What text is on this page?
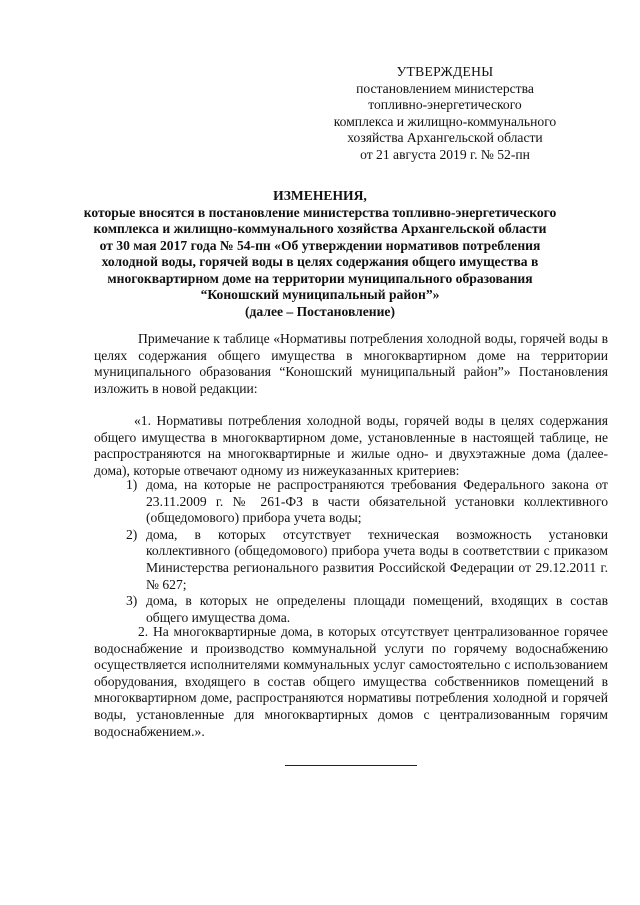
УТВЕРЖДЕНЫ
постановлением министерства
топливно-энергетического
комплекса и жилищно-коммунального
хозяйства Архангельской области
от 21 августа 2019 г. № 52-пн
ИЗМЕНЕНИЯ,
которые вносятся в постановление министерства топливно-энергетического
комплекса и жилищно-коммунального хозяйства Архангельской области
от 30 мая 2017 года № 54-пн «Об утверждении нормативов потребления
холодной воды, горячей воды в целях содержания общего имущества в
многоквартирном доме на территории муниципального образования
“Коношский муниципальный район”»
(далее – Постановление)
Примечание к таблице «Нормативы потребления холодной воды, горячей воды в целях содержания общего имущества в многоквартирном доме на территории муниципального образования “Коношский муниципальный район”» Постановления изложить в новой редакции:
«1. Нормативы потребления холодной воды, горячей воды в целях содержания общего имущества в многоквартирном доме, установленные в настоящей таблице, не распространяются на многоквартирные и жилые одно- и двухэтажные дома (далее-дома), которые отвечают одному из нижеуказанных критериев:
1) дома, на которые не распространяются требования Федерального закона от 23.11.2009 г. № 261-ФЗ в части обязательной установки коллективного (общедомового) прибора учета воды;
2) дома, в которых отсутствует техническая возможность установки коллективного (общедомового) прибора учета воды в соответствии с приказом Министерства регионального развития Российской Федерации от 29.12.2011 г. № 627;
3) дома, в которых не определены площади помещений, входящих в состав общего имущества дома.
2. На многоквартирные дома, в которых отсутствует централизованное горячее водоснабжение и производство коммунальной услуги по горячему водоснабжению осуществляется исполнителями коммунальных услуг самостоятельно с использованием оборудования, входящего в состав общего имущества собственников помещений в многоквартирном доме, распространяются нормативы потребления холодной и горячей воды, установленные для многоквартирных домов с централизованным горячим водоснабжением.».
